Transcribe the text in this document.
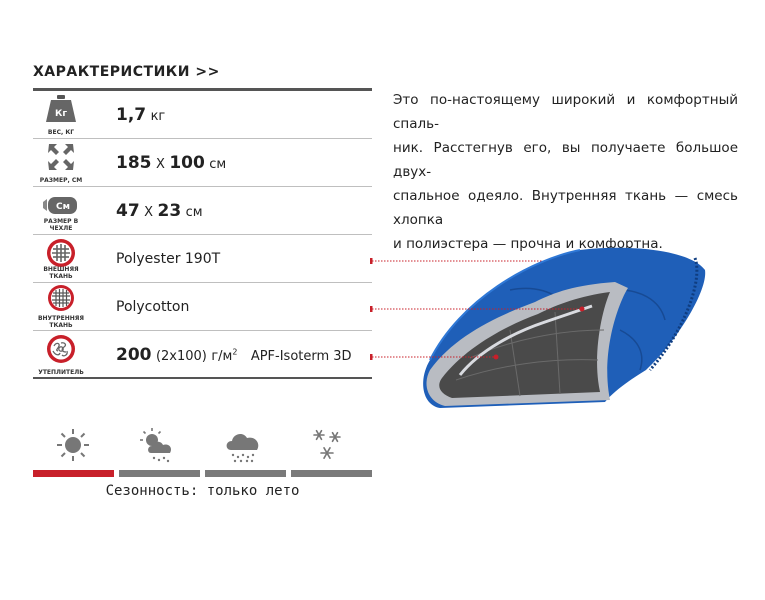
ХАРАКТЕРИСТИКИ >>
Кг
ВЕС, КГ
1,7 кг
РАЗМЕР, СМ
185 X 100 см
См
РАЗМЕР В ЧЕХЛЕ
47 X 23 см
ВНЕШНЯЯ ТКАНЬ
Polyester 190T
ВНУТРЕННЯЯ
ТКАНЬ
Polycotton
УТЕПЛИТЕЛЬ
200 (2x100) $г/м^2$ APF-Isoterm 3D
Это по-настоящему широкий и комфортный спаль-
ник. Расстегнув его, вы получаете большое двух-
спальное одеяло. Внутренняя ткань — смесь хлопка
и полиэстера — прочна и комфортна.
Сезонность: только лето
